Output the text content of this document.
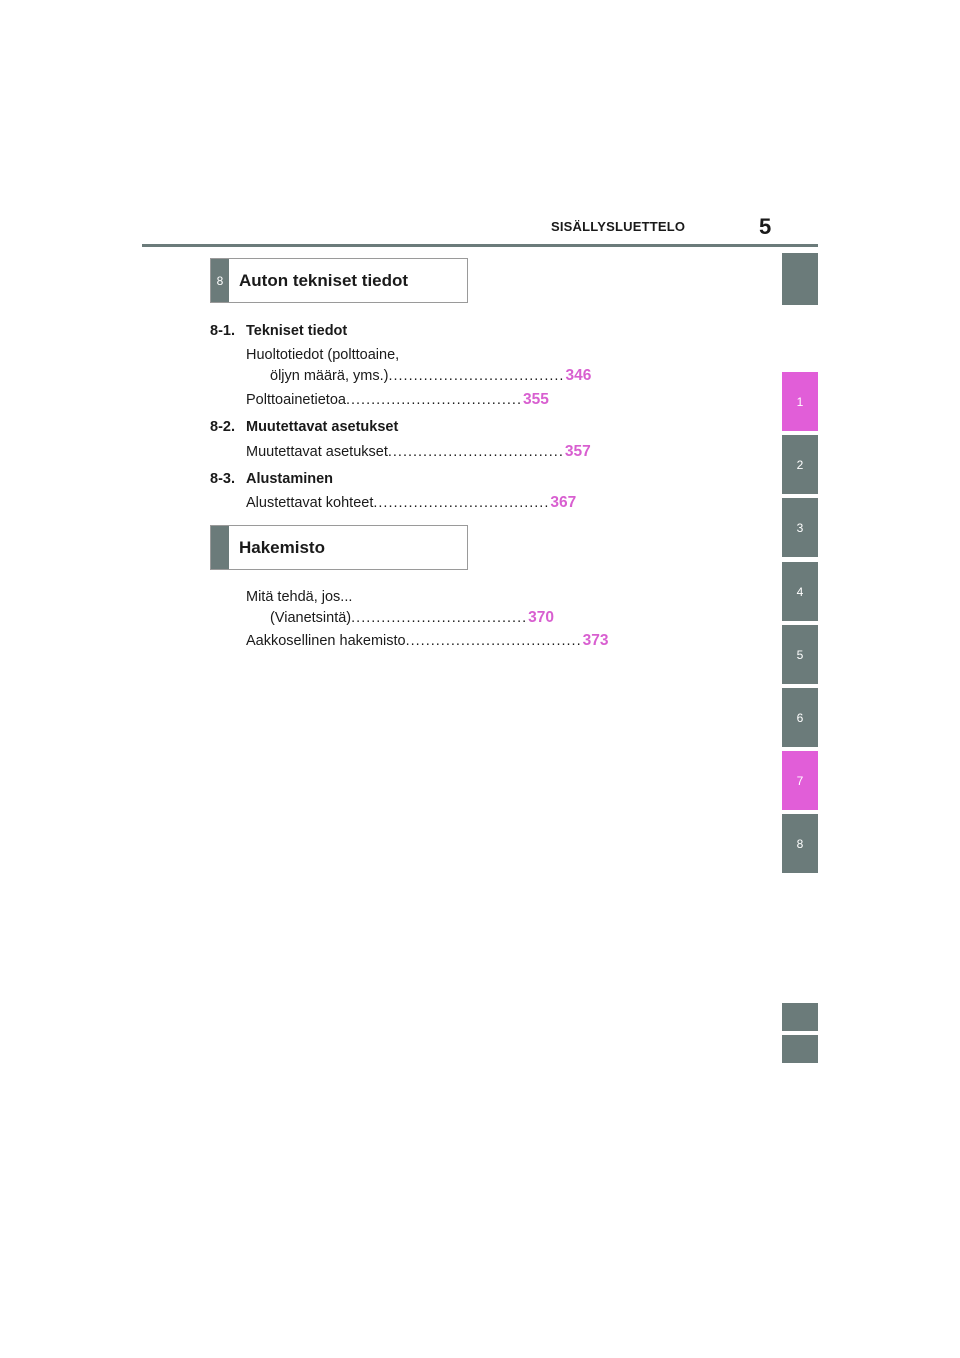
SISÄLLYSLUETTELO	5
8 Auton tekniset tiedot
8-1. Tekniset tiedot
Huoltotiedot (polttoaine,
öljyn määrä, yms.) ................................... 346
Polttoainetietoa ................................... 355
8-2. Muutettavat asetukset
Muutettavat asetukset ................................... 357
8-3. Alustaminen
Alustettavat kohteet ................................... 367
Hakemisto
Mitä tehdä, jos...
(Vianetsintä) ................................... 370
Aakkosellinen hakemisto ................................... 373
1
2
3
4
5
6
7
8
